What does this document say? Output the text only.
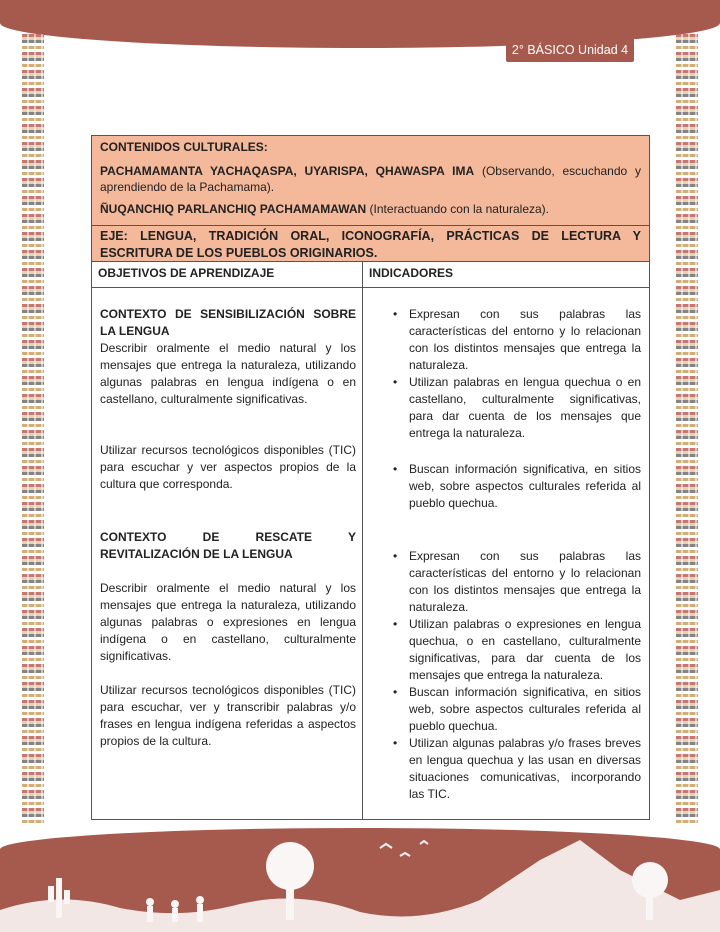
2° BÁSICO Unidad 4

CONTENIDOS CULTURALES:

PACHAMAMANTA YACHAQASPA, UYARISPA, QHAWASPA IMA (Observando, escuchando y aprendiendo de la Pachamama).

ÑUQANCHIQ PARLANCHIQ PACHAMAMAWAN (Interactuando con la naturaleza).

EJE: LENGUA, TRADICIÓN ORAL, ICONOGRAFÍA, PRÁCTICAS DE LECTURA Y ESCRITURA DE LOS PUEBLOS ORIGINARIOS.
OBJETIVOS DE APRENDIZAJE	INDICADORES
CONTEXTO DE SENSIBILIZACIÓN SOBRE LA LENGUA
Describir oralmente el medio natural y los mensajes que entrega la naturaleza, utilizando algunas palabras en lengua indígena o en castellano, culturalmente significativas.
Utilizar recursos tecnológicos disponibles (TIC) para escuchar y ver aspectos propios de la cultura que corresponda.
CONTEXTO DE RESCATE Y REVITALIZACIÓN DE LA LENGUA
Describir oralmente el medio natural y los mensajes que entrega la naturaleza, utilizando algunas palabras o expresiones en lengua indígena o en castellano, culturalmente significativas.
Utilizar recursos tecnológicos disponibles (TIC) para escuchar, ver y transcribir palabras y/o frases en lengua indígena referidas a aspectos propios de la cultura.
• Expresan con sus palabras las características del entorno y lo relacionan con los distintos mensajes que entrega la naturaleza.
• Utilizan palabras en lengua quechua o en castellano, culturalmente significativas, para dar cuenta de los mensajes que entrega la naturaleza.
• Buscan información significativa, en sitios web, sobre aspectos culturales referida al pueblo quechua.
• Expresan con sus palabras las características del entorno y lo relacionan con los distintos mensajes que entrega la naturaleza.
• Utilizan palabras o expresiones en lengua quechua, o en castellano, culturalmente significativas, para dar cuenta de los mensajes que entrega la naturaleza.
• Buscan información significativa, en sitios web, sobre aspectos culturales referida al pueblo quechua.
• Utilizan algunas palabras y/o frases breves en lengua quechua y las usan en diversas situaciones comunicativas, incorporando las TIC.
